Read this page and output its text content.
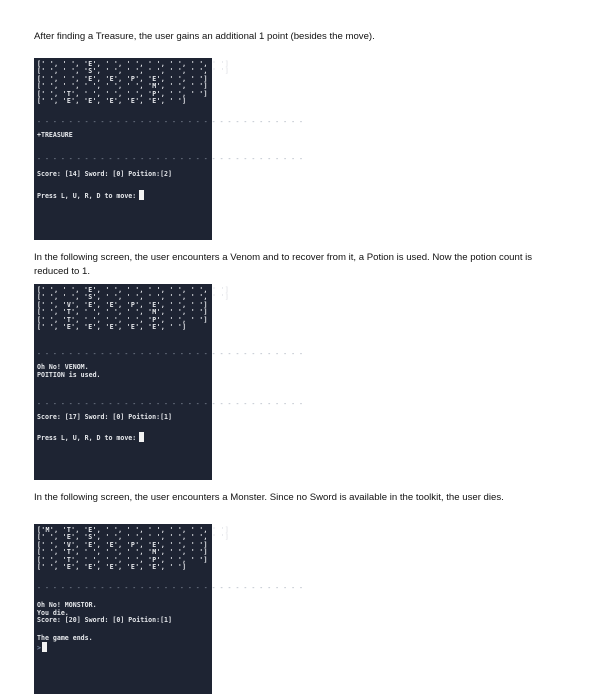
After finding a Treasure, the user gains an additional 1 point (besides the move).

[' ', ' ', 'E', ' ', ' ', ' ', ' ', ' ', ' ']
[' ', ' ', 'S', ' ', ' ', ' ', ' ', ' ', ' ']
[' ', ' ', 'E', 'E', 'P', 'E', ' ', ' ']
[' ', ' ', ' ', ' ', ' ', 'M', ' ', ' ']
[' ', 'T', ' ', ' ', ' ', 'P', ' ', ' ']
[' ', 'E', 'E', 'E', 'E', 'E', ' ']
- - - - - - - - - - - - - - - - - - - - - - - - - - - - - - - - - -
+TREASURE
- - - - - - - - - - - - - - - - - - - - - - - - - - - - - - - - - -
Score: [14] Sword: [0] Poition:[2]
Press L, U, R, D to move:

In the following screen, the user encounters a Venom and to recover from it, a Potion is used. Now the potion count is reduced to 1.

[' ', ' ', 'E', ' ', ' ', ' ', ' ', ' ', ' ']
[' ', ' ', 'S', ' ', ' ', ' ', ' ', ' ', ' ']
[' ', 'V', 'E', 'E', 'P', 'E', ' ', ' ']
[' ', 'T', ' ', ' ', ' ', 'M', ' ', ' ']
[' ', 'T', ' ', ' ', ' ', 'P', ' ', ' ']
[' ', 'E', 'E', 'E', 'E', 'E', ' ']
- - - - - - - - - - - - - - - - - - - - - - - - - - - - - - - - - -
Oh No! VENOM.
POITION is used.
- - - - - - - - - - - - - - - - - - - - - - - - - - - - - - - - - -
Score: [17] Sword: [0] Poition:[1]
Press L, U, R, D to move:

In the following screen, the user encounters a Monster. Since no Sword is available in the toolkit, the user dies.

['M', 'T', 'E', ' ', ' ', ' ', ' ', ' ', ' ']
[' ', 'E', 'S', ' ', ' ', ' ', ' ', ' ', ' ']
[' ', 'V', 'E', 'E', 'P', 'E', ' ', ' ']
[' ', 'T', ' ', ' ', ' ', 'M', ' ', ' ']
[' ', 'T', ' ', ' ', ' ', 'P', ' ', ' ']
[' ', 'E', 'E', 'E', 'E', 'E', ' ']
- - - - - - - - - - - - - - - - - - - - - - - - - - - - - - - - - -
Oh No! MONSTOR.
You die.
Score: [20] Sword: [0] Poition:[1]
The game ends.
>
